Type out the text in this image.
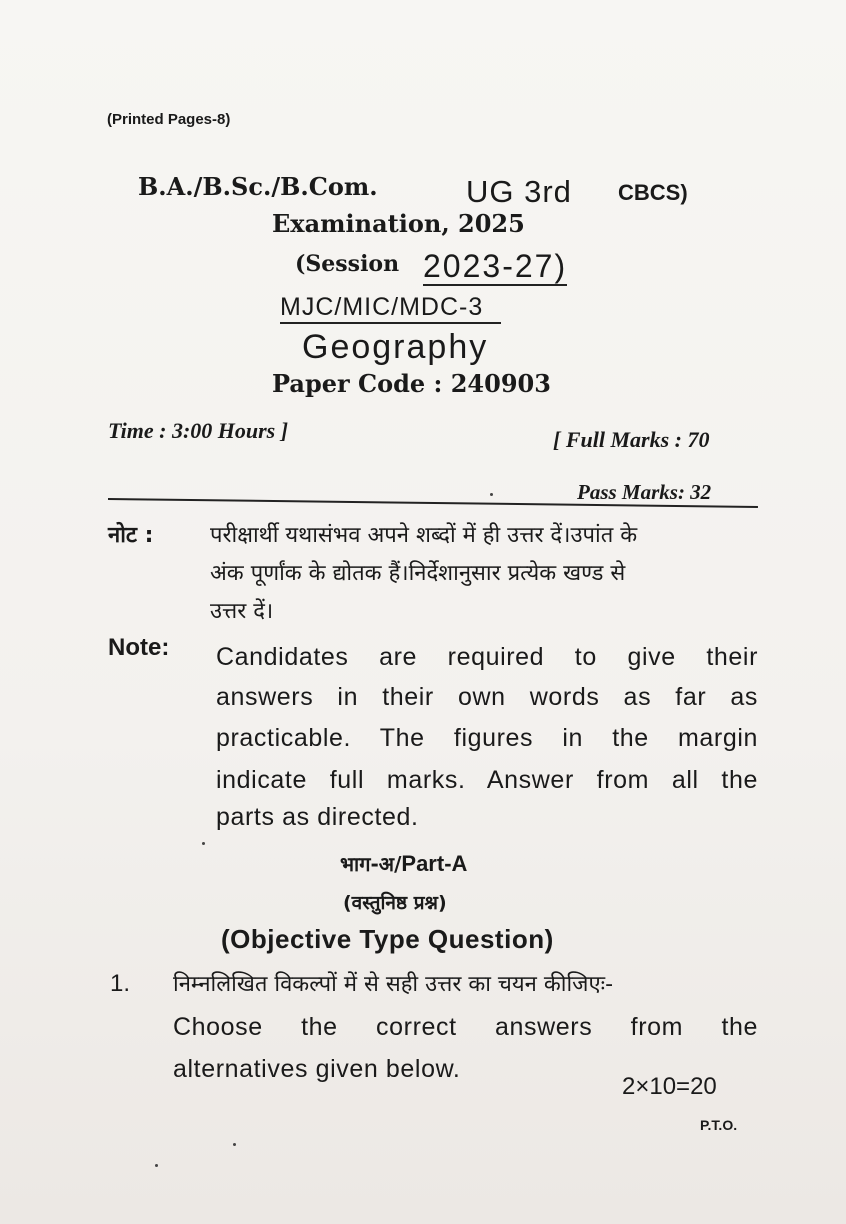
(Printed Pages-8)
B.A./B.Sc./B.Com.	UG 3rd CBCS)
Examination, 2025
(Session 2023-27)
MJC/MIC/MDC-3
Geography
Paper Code : 240903
Time : 3:00 Hours ]	[ Full Marks : 70
Pass Marks: 32
नोट :	परीक्षार्थी यथासंभव अपने शब्दों में ही उत्तर दें।उपांत के
अंक पूर्णांक के द्योतक हैं।निर्देशानुसार प्रत्येक खण्ड से
उत्तर दें।
Note: Candidates are required to give their
answers in their own words as far as
practicable. The figures in the margin
indicate full marks. Answer from all the
parts as directed.
भाग-अ/Part-A
(वस्तुनिष्ठ प्रश्न)
(Objective Type Question)
1. निम्नलिखित विकल्पों में से सही उत्तर का चयन कीजिएः-
Choose the correct answers from the
alternatives given below.
2×10=20
P.T.O.
